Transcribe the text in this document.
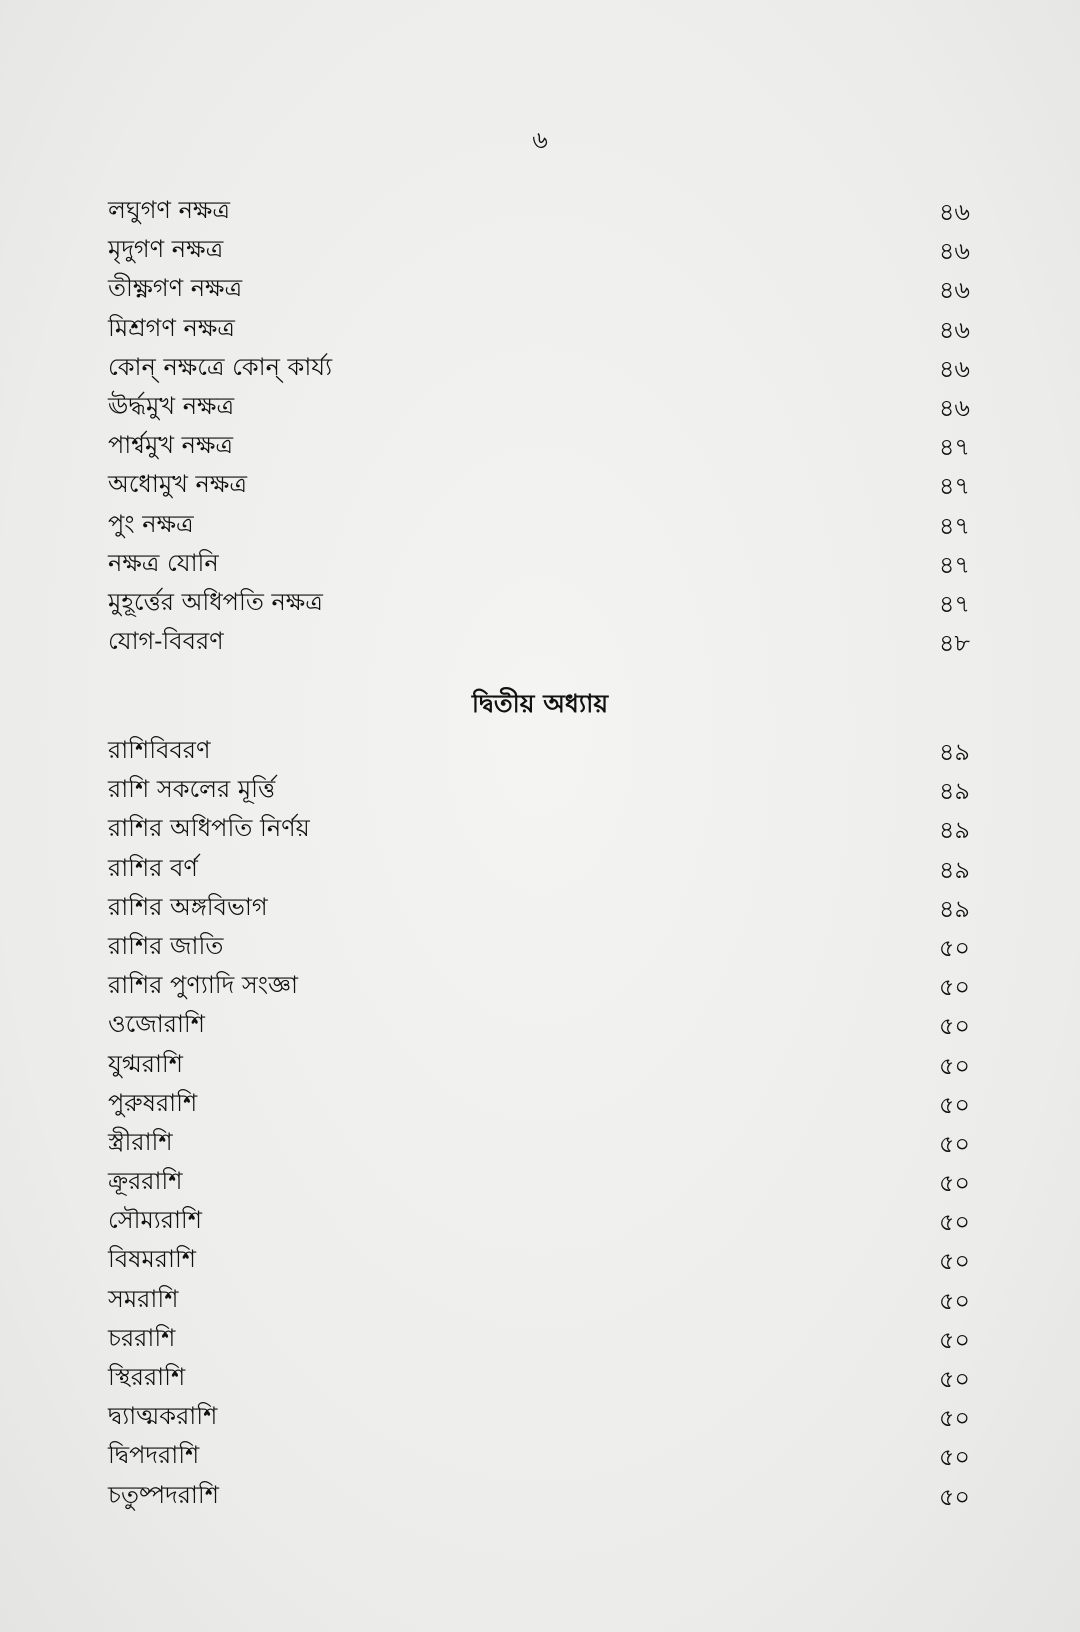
৬
লঘুগণ নক্ষত্র	৪৬
মৃদুগণ নক্ষত্র	৪৬
তীক্ষ্ণগণ নক্ষত্র	৪৬
মিশ্রগণ নক্ষত্র	৪৬
কোন্ নক্ষত্রে কোন্ কার্য্য	৪৬
ঊর্দ্ধমুখ নক্ষত্র	৪৬
পার্শ্বমুখ নক্ষত্র	৪৭
অধোমুখ নক্ষত্র	৪৭
পুং নক্ষত্র	৪৭
নক্ষত্র যোনি	৪৭
মুহূর্ত্তের অধিপতি নক্ষত্র	৪৭
যোগ-বিবরণ	৪৮
দ্বিতীয় অধ্যায়
রাশিবিবরণ	৪৯
রাশি সকলের মূর্ত্তি	৪৯
রাশির অধিপতি নির্ণয়	৪৯
রাশির বর্ণ	৪৯
রাশির অঙ্গবিভাগ	৪৯
রাশির জাতি	৫০
রাশির পুণ্যাদি সংজ্ঞা	৫০
ওজোরাশি	৫০
যুগ্মরাশি	৫০
পুরুষরাশি	৫০
স্ত্রীরাশি	৫০
ক্রূররাশি	৫০
সৌম্যরাশি	৫০
বিষমরাশি	৫০
সমরাশি	৫০
চররাশি	৫০
স্থিররাশি	৫০
দ্ব্যাত্মকরাশি	৫০
দ্বিপদরাশি	৫০
চতুষ্পদরাশি	৫০
